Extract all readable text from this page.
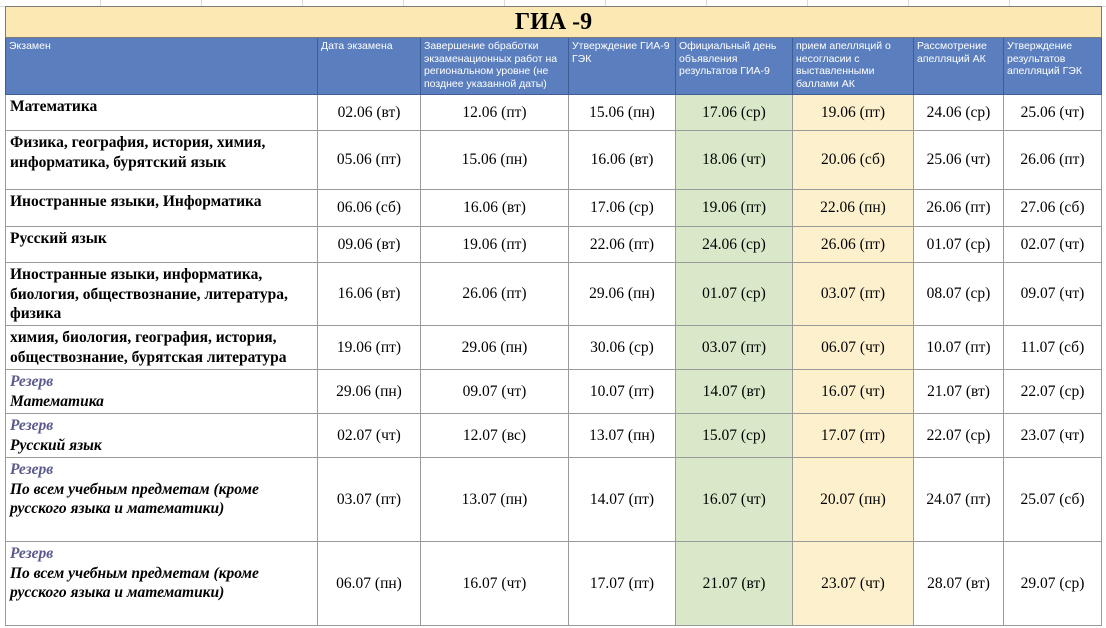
ГИА -9							
Экзамен	Дата экзамена	Завершение обработки экзаменационных работ на региональном уровне (не позднее указанной даты)	Утверждение ГИА-9 ГЭК	Официальный день объявления результатов ГИА-9	прием апелляций о несогласии с выставленными баллами АК	Рассмотрение апелляций АК	Утверждение результатов апелляций ГЭК

Математика	02.06 (вт)	12.06 (пт)	15.06 (пн)	17.06 (ср)	19.06 (пт)	24.06 (ср)	25.06 (чт)

Физика, география, история, химия, информатика, бурятский язык	05.06 (пт)	15.06 (пн)	16.06 (вт)	18.06 (чт)	20.06 (сб)	25.06 (чт)	26.06 (пт)

Иностранные языки, Информатика	06.06 (сб)	16.06 (вт)	17.06 (ср)	19.06 (пт)	22.06 (пн)	26.06 (пт)	27.06 (сб)

Русский язык	09.06 (вт)	19.06 (пт)	22.06 (пт)	24.06 (ср)	26.06 (пт)	01.07 (ср)	02.07 (чт)

Иностранные языки, информатика, биология, обществознание, литература, физика	16.06 (вт)	26.06 (пт)	29.06 (пн)	01.07 (ср)	03.07 (пт)	08.07 (ср)	09.07 (чт)

химия, биология, география, история, обществознание, бурятская литература	19.06 (пт)	29.06 (пн)	30.06 (ср)	03.07 (пт)	06.07 (чт)	10.07 (пт)	11.07 (сб)

Резерв
Математика	29.06 (пн)	09.07 (чт)	10.07 (пт)	14.07 (вт)	16.07 (чт)	21.07 (вт)	22.07 (ср)

Резерв
Русский язык	02.07 (чт)	12.07 (вс)	13.07 (пн)	15.07 (ср)	17.07 (пт)	22.07 (ср)	23.07 (чт)

Резерв
По всем учебным предметам (кроме русского языка и математики)	03.07 (пт)	13.07 (пн)	14.07 (пт)	16.07 (чт)	20.07 (пн)	24.07 (пт)	25.07 (сб)

Резерв
По всем учебным предметам (кроме русского языка и математики)	06.07 (пн)	16.07 (чт)	17.07 (пт)	21.07 (вт)	23.07 (чт)	28.07 (вт)	29.07 (ср)
